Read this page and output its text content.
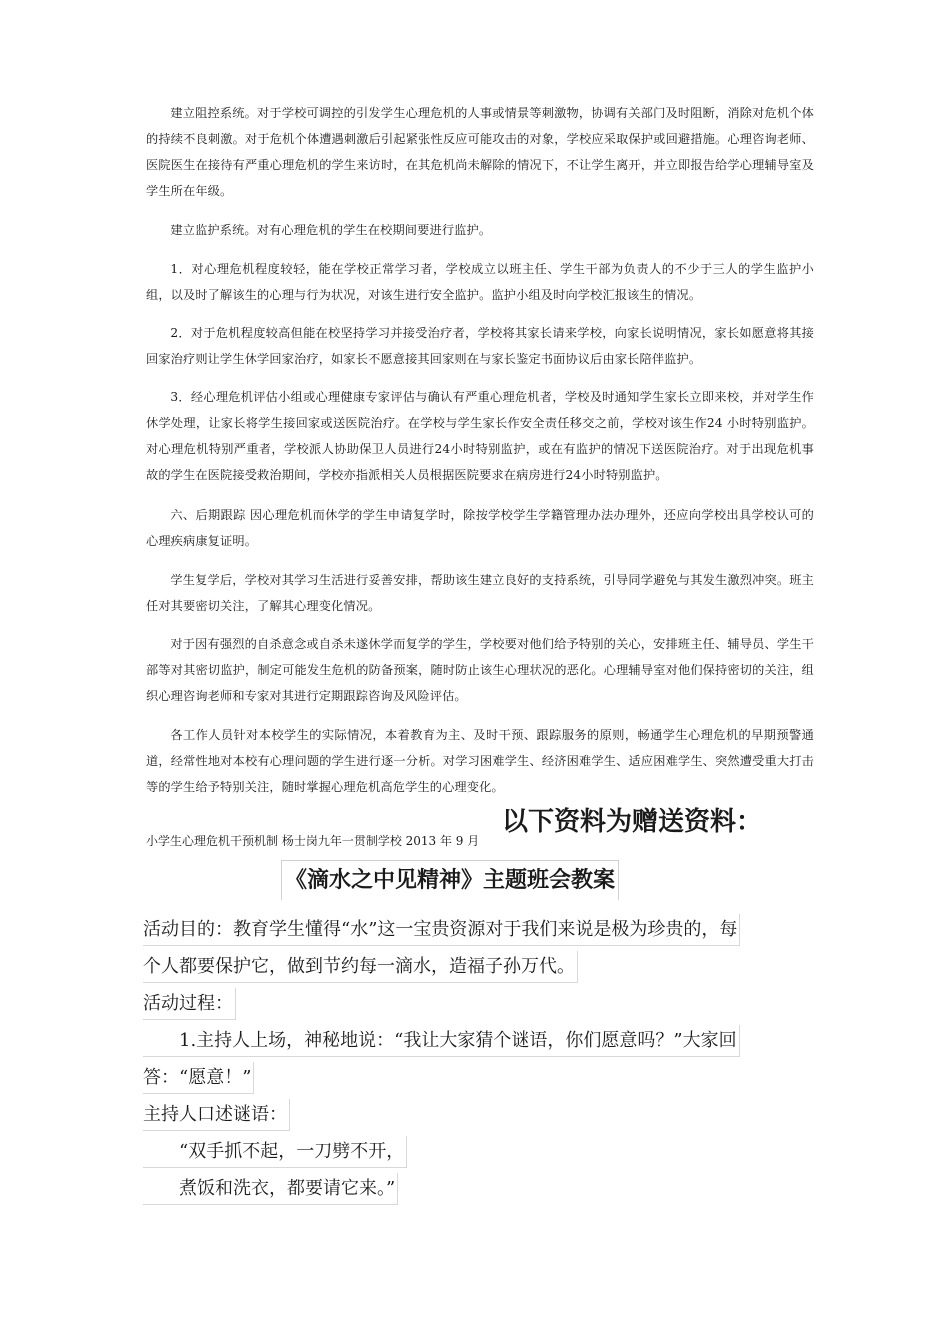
建立阻控系统。对于学校可调控的引发学生心理危机的人事或情景等刺激物，协调有关部门及时阻断，消除对危机个体的持续不良刺激。对于危机个体遭遇刺激后引起紧张性反应可能攻击的对象，学校应采取保护或回避措施。心理咨询老师、医院医生在接待有严重心理危机的学生来访时，在其危机尚未解除的情况下，不让学生离开，并立即报告给学心理辅导室及学生所在年级。

建立监护系统。对有心理危机的学生在校期间要进行监护。

1．对心理危机程度较轻，能在学校正常学习者，学校成立以班主任、学生干部为负责人的不少于三人的学生监护小组，以及时了解该生的心理与行为状况，对该生进行安全监护。监护小组及时向学校汇报该生的情况。

2．对于危机程度较高但能在校坚持学习并接受治疗者，学校将其家长请来学校，向家长说明情况，家长如愿意将其接回家治疗则让学生休学回家治疗，如家长不愿意接其回家则在与家长鉴定书面协议后由家长陪伴监护。

3．经心理危机评估小组或心理健康专家评估与确认有严重心理危机者，学校及时通知学生家长立即来校，并对学生作休学处理，让家长将学生接回家或送医院治疗。在学校与学生家长作安全责任移交之前，学校对该生作24 小时特别监护。对心理危机特别严重者，学校派人协助保卫人员进行24小时特别监护，或在有监护的情况下送医院治疗。对于出现危机事故的学生在医院接受救治期间，学校亦指派相关人员根据医院要求在病房进行24小时特别监护。

六、后期跟踪 因心理危机而休学的学生申请复学时，除按学校学生学籍管理办法办理外，还应向学校出具学校认可的心理疾病康复证明。

学生复学后，学校对其学习生活进行妥善安排，帮助该生建立良好的支持系统，引导同学避免与其发生激烈冲突。班主任对其要密切关注，了解其心理变化情况。

对于因有强烈的自杀意念或自杀未遂休学而复学的学生，学校要对他们给予特别的关心，安排班主任、辅导员、学生干部等对其密切监护，制定可能发生危机的防备预案，随时防止该生心理状况的恶化。心理辅导室对他们保持密切的关注，组织心理咨询老师和专家对其进行定期跟踪咨询及风险评估。

各工作人员针对本校学生的实际情况，本着教育为主、及时干预、跟踪服务的原则，畅通学生心理危机的早期预警通道，经常性地对本校有心理问题的学生进行逐一分析。对学习困难学生、经济困难学生、适应困难学生、突然遭受重大打击等的学生给予特别关注，随时掌握心理危机高危学生的心理变化。

小学生心理危机干预机制 杨士岗九年一贯制学校 2013 年 9 月

以下资料为赠送资料：
《滴水之中见精神》主题班会教案

活动目的：教育学生懂得“水”这一宝贵资源对于我们来说是极为珍贵的，每

个人都要保护它，做到节约每一滴水，造福子孙万代。

活动过程：

　　1.主持人上场，神秘地说：“我让大家猜个谜语，你们愿意吗？”大家回

答：“愿意！”

主持人口述谜语：

　　“双手抓不起，一刀劈不开，

　　煮饭和洗衣，都要请它来。”
